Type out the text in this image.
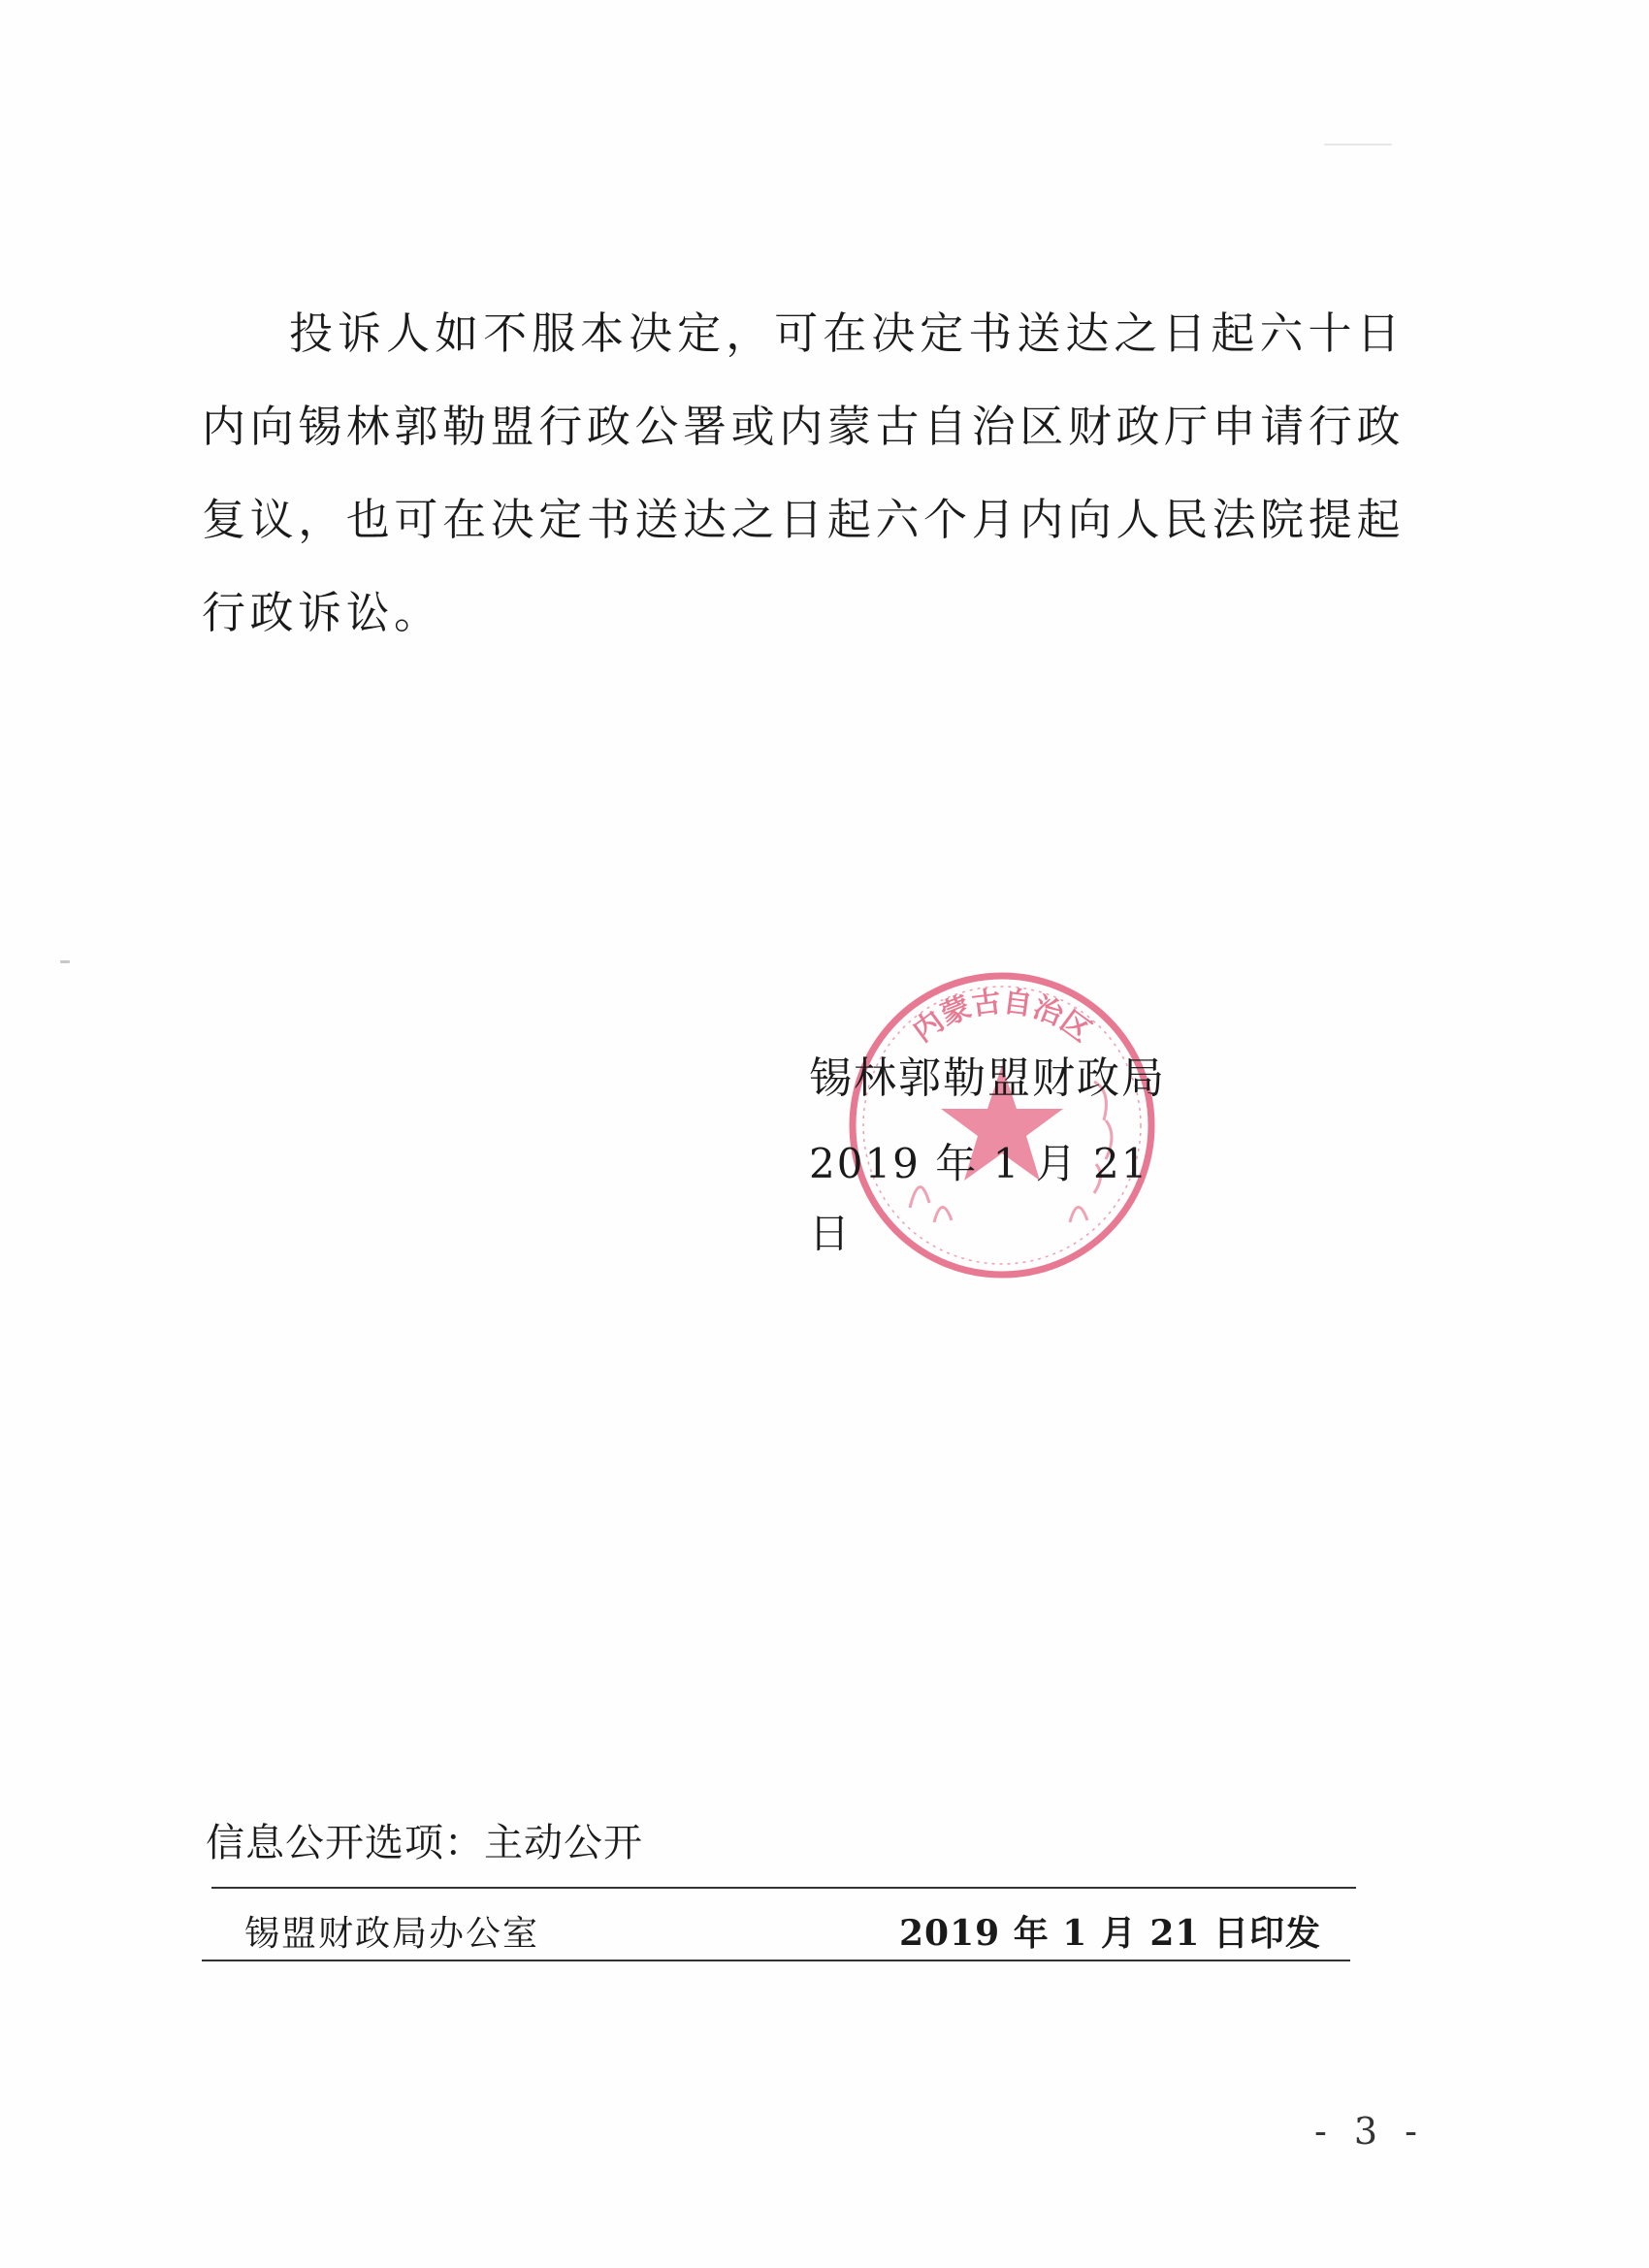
投诉人如不服本决定，可在决定书送达之日起六十日内向锡林郭勒盟行政公署或内蒙古自治区财政厅申请行政复议，也可在决定书送达之日起六个月内向人民法院提起行政诉讼。

内蒙古自治区
锡林郭勒盟财政局
2019 年 1 月 21 日
信息公开选项：主动公开
锡盟财政局办公室	2019 年 1 月 21 日印发
- 3 -
